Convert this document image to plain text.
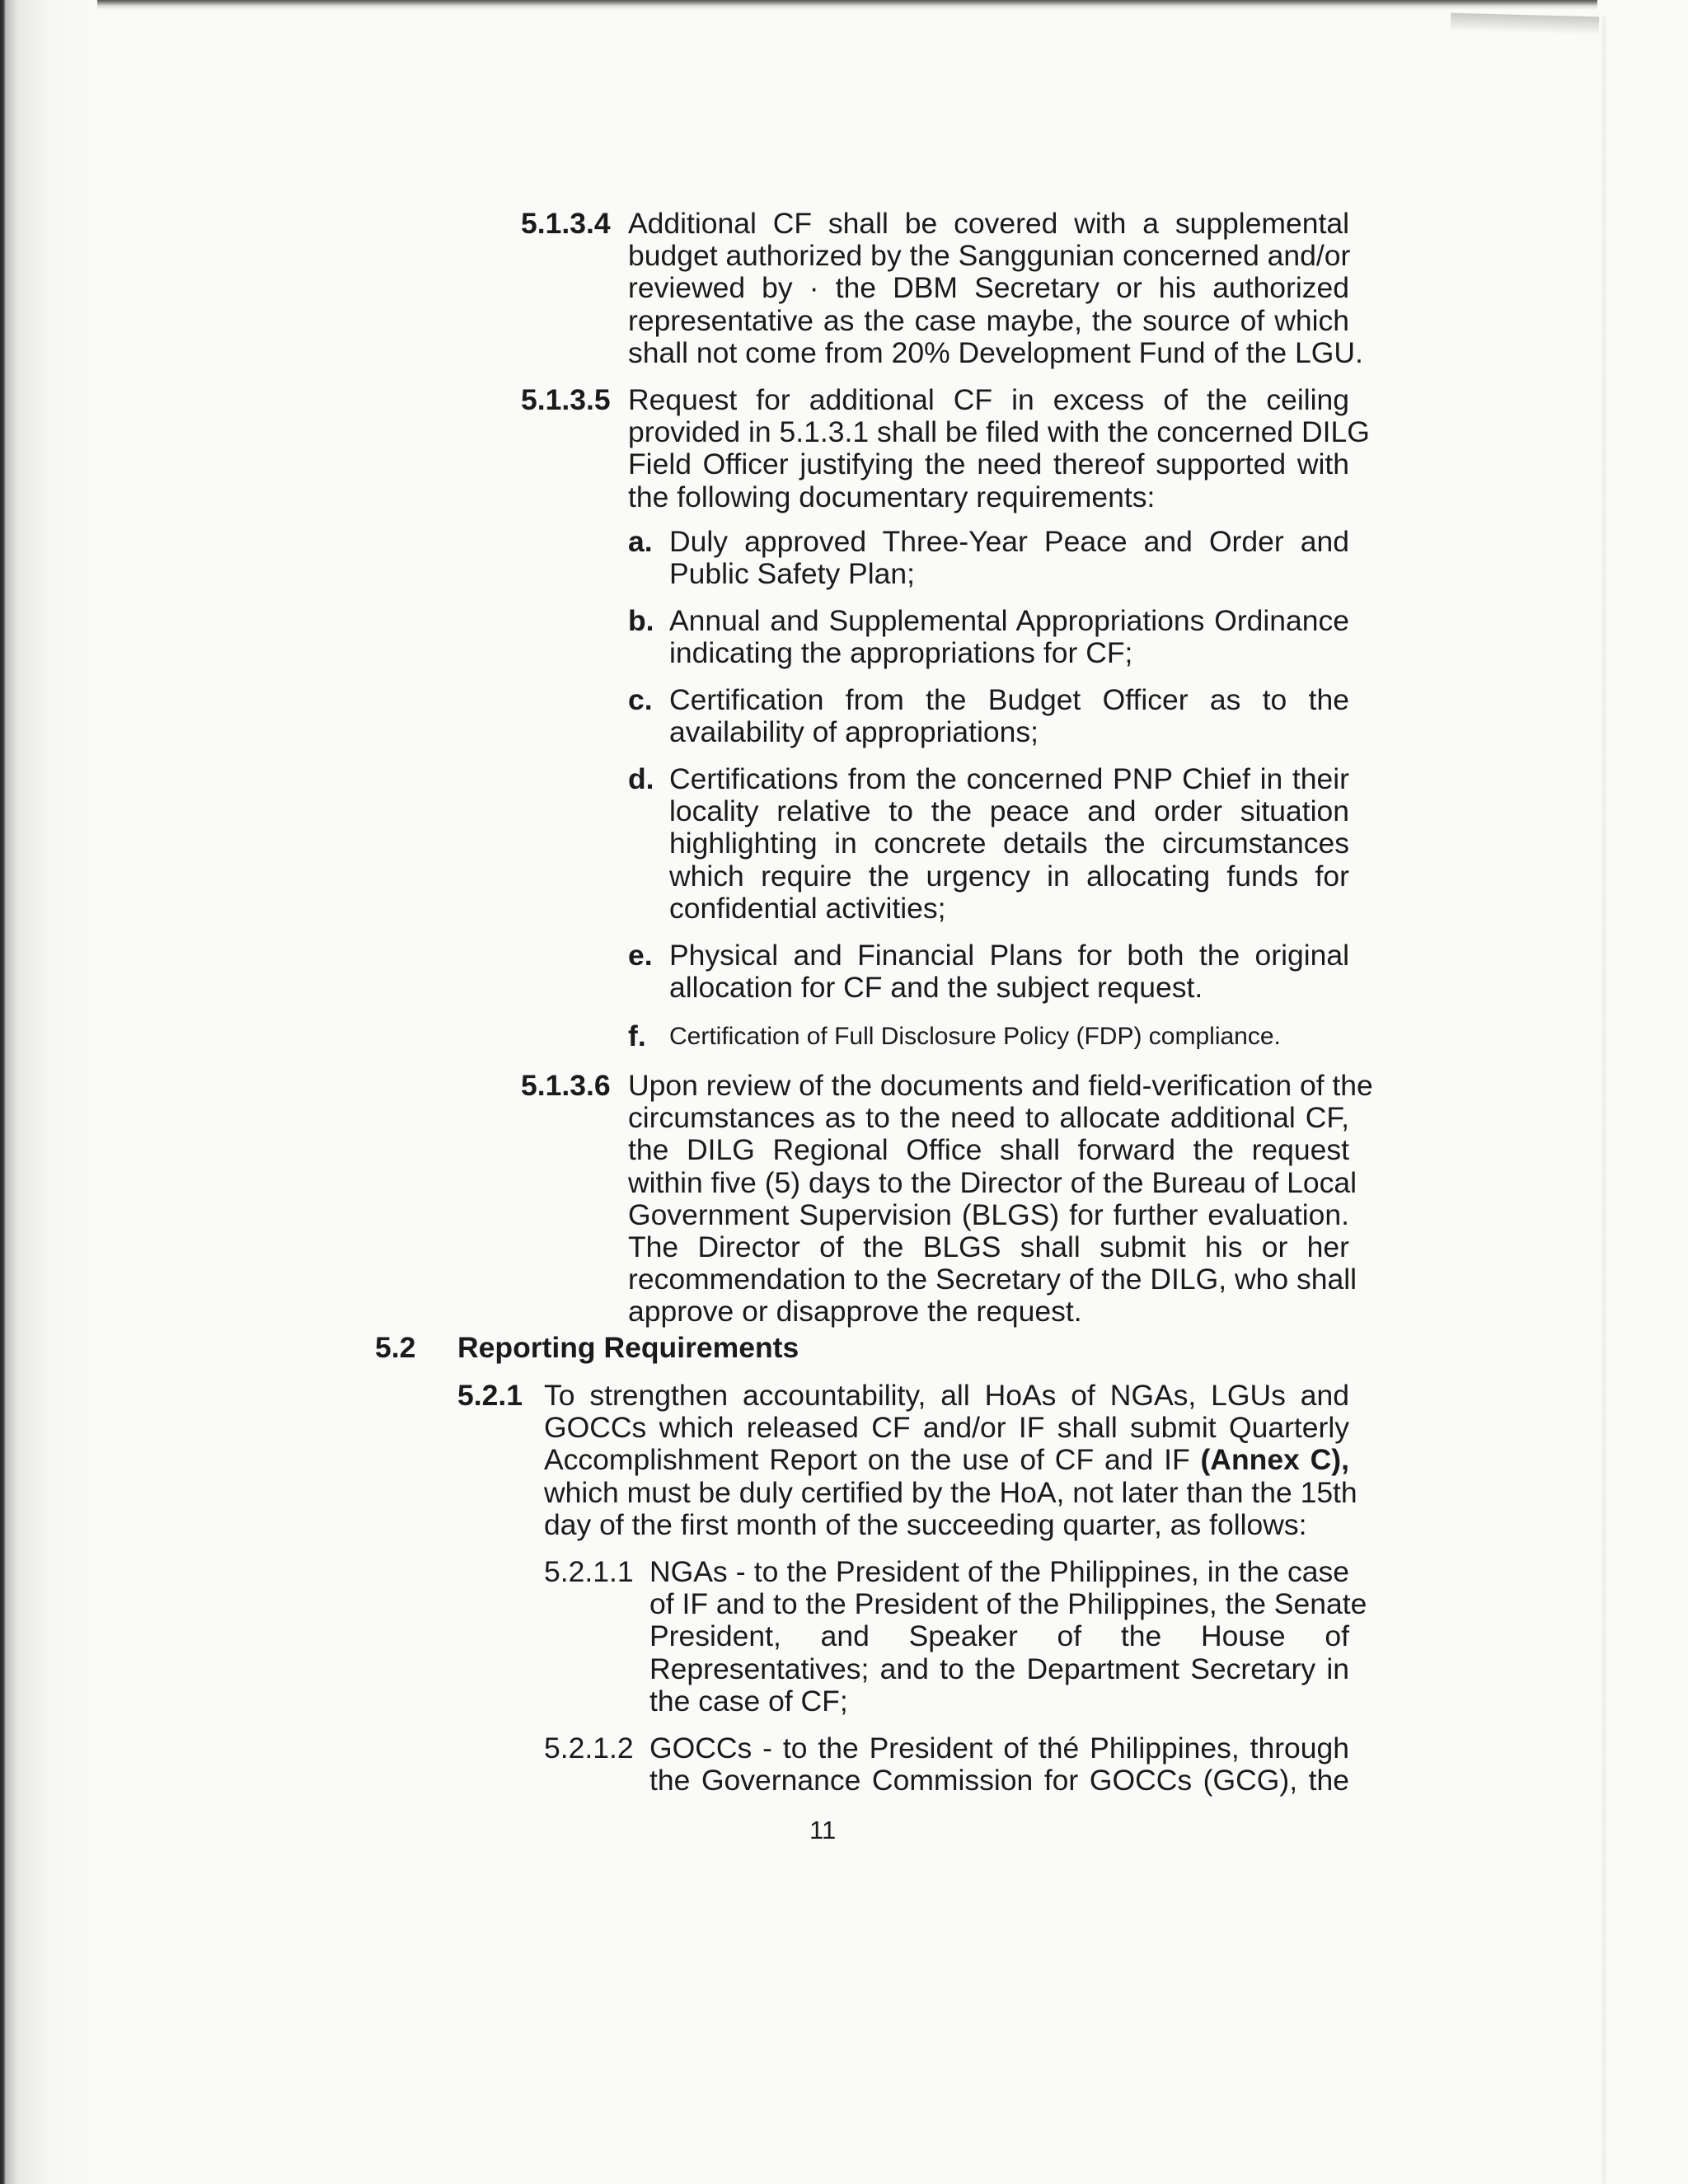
5.1.3.4 Additional CF shall be covered with a supplemental
budget authorized by the Sanggunian concerned and/or
reviewed by · the DBM Secretary or his authorized
representative as the case maybe, the source of which
shall not come from 20% Development Fund of the LGU.
5.1.3.5 Request for additional CF in excess of the ceiling
provided in 5.1.3.1 shall be filed with the concerned DILG
Field Officer justifying the need thereof supported with
the following documentary requirements:
a. Duly approved Three-Year Peace and Order and
Public Safety Plan;
b. Annual and Supplemental Appropriations Ordinance
indicating the appropriations for CF;
c. Certification from the Budget Officer as to the
availability of appropriations;
d. Certifications from the concerned PNP Chief in their
locality relative to the peace and order situation
highlighting in concrete details the circumstances
which require the urgency in allocating funds for
confidential activities;
e. Physical and Financial Plans for both the original
allocation for CF and the subject request.
f. Certification of Full Disclosure Policy (FDP) compliance.
5.1.3.6 Upon review of the documents and field-verification of the
circumstances as to the need to allocate additional CF,
the DILG Regional Office shall forward the request
within five (5) days to the Director of the Bureau of Local
Government Supervision (BLGS) for further evaluation.
The Director of the BLGS shall submit his or her
recommendation to the Secretary of the DILG, who shall
approve or disapprove the request.
5.2 Reporting Requirements
5.2.1 To strengthen accountability, all HoAs of NGAs, LGUs and
GOCCs which released CF and/or IF shall submit Quarterly
Accomplishment Report on the use of CF and IF (Annex C),
which must be duly certified by the HoA, not later than the 15th
day of the first month of the succeeding quarter, as follows:
5.2.1.1 NGAs - to the President of the Philippines, in the case
of IF and to the President of the Philippines, the Senate
President, and Speaker of the House of
Representatives; and to the Department Secretary in
the case of CF;
5.2.1.2 GOCCs - to the President of thé Philippines, through
the Governance Commission for GOCCs (GCG), the
11
